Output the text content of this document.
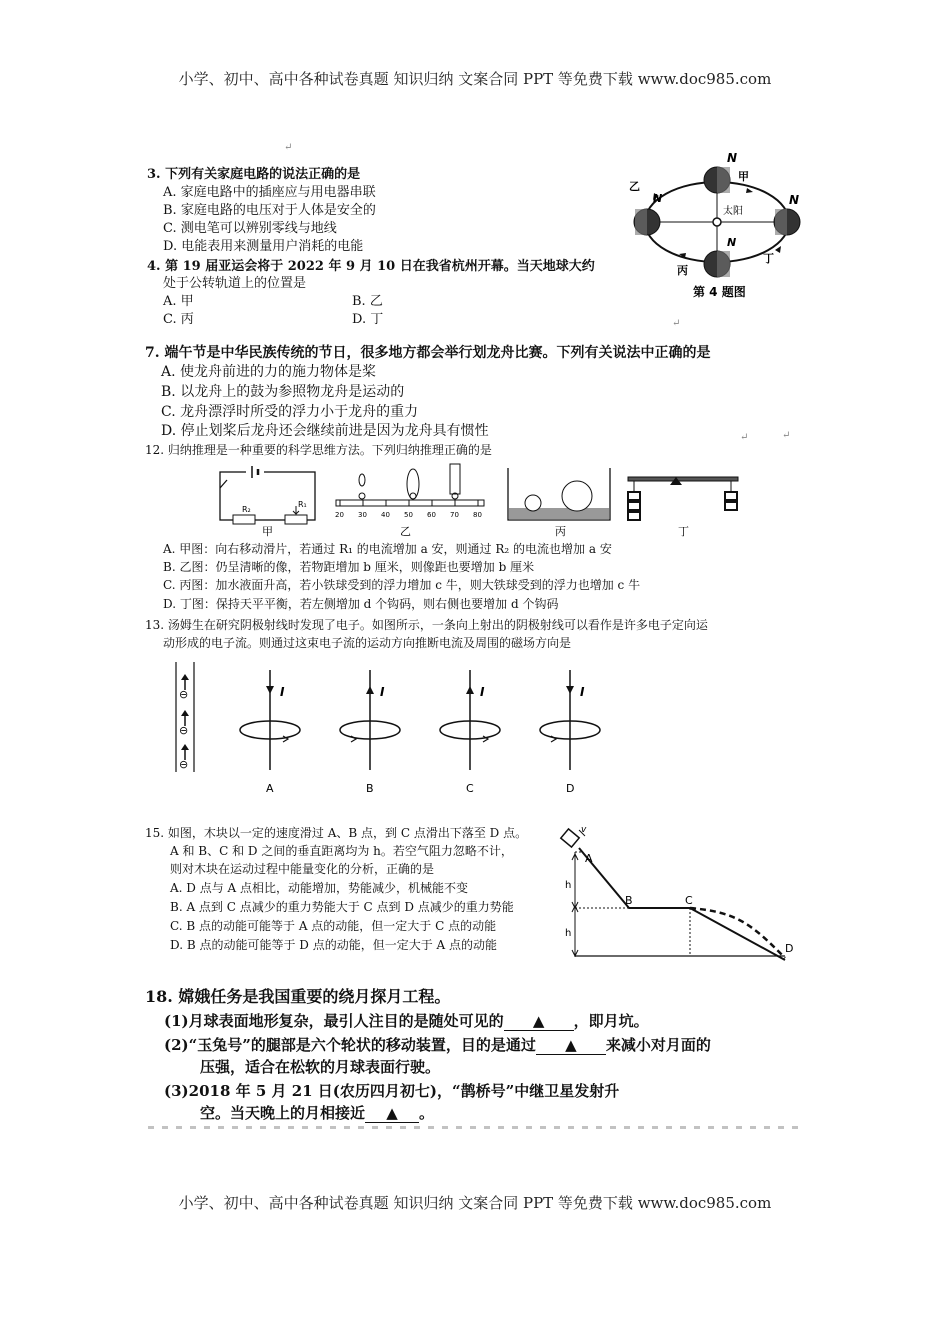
小学、初中、高中各种试卷真题 知识归纳 文案合同 PPT 等免费下载 www.doc985.com
小学、初中、高中各种试卷真题 知识归纳 文案合同 PPT 等免费下载 www.doc985.com
↵
3. 下列有关家庭电路的说法正确的是
A. 家庭电路中的插座应与用电器串联
B. 家庭电路的电压对于人体是安全的
C. 测电笔可以辨别零线与地线
D. 电能表用来测量用户消耗的电能
4. 第 19 届亚运会将于 2022 年 9 月 10 日在我省杭州开幕。当天地球大约
处于公转轨道上的位置是
A. 甲	B. 乙
C. 丙	D. 丁	↵
太阳
甲
乙
丙
丁
N
N
N
N
第 4 题图
7. 端午节是中华民族传统的节日，很多地方都会举行划龙舟比赛。下列有关说法中正确的是
A. 使龙舟前进的力的施力物体是桨
B. 以龙舟上的鼓为参照物龙舟是运动的
C. 龙舟漂浮时所受的浮力小于龙舟的重力
D. 停止划桨后龙舟还会继续前进是因为龙舟具有惯性	↵	↵
12. 归纳推理是一种重要的科学思维方法。下列归纳推理正确的是
R₂
R₁
甲
20 30 40 50 60 70 80
乙	丙	丁
A. 甲图：向右移动滑片，若通过 R₁ 的电流增加 a 安，则通过 R₂ 的电流也增加 a 安
B. 乙图：仍呈清晰的像，若物距增加 b 厘米，则像距也要增加 b 厘米
C. 丙图：加水液面升高，若小铁球受到的浮力增加 c 牛，则大铁球受到的浮力也增加 c 牛
D. 丁图：保持天平平衡，若左侧增加 d 个钩码，则右侧也要增加 d 个钩码
13. 汤姆生在研究阴极射线时发现了电子。如图所示，一条向上射出的阴极射线可以看作是许多电子定向运
动形成的电子流。则通过这束电子流的运动方向推断电流及周围的磁场方向是
⊖
⊖
⊖
I
A
I
B
I
C
I
D
15. 如图，木块以一定的速度滑过 A、B 点，到 C 点滑出下落至 D 点。
A 和 B、C 和 D 之间的垂直距离均为 h。若空气阻力忽略不计，
则对木块在运动过程中能量变化的分析，正确的是
A. D 点与 A 点相比，动能增加，势能减少，机械能不变
B. A 点到 C 点减少的重力势能大于 C 点到 D 点减少的重力势能
C. B 点的动能可能等于 A 点的动能，但一定大于 C 点的动能
D. B 点的动能可能等于 D 点的动能，但一定大于 A 点的动能
v
A
B	C
D
h
h
18. 嫦娥任务是我国重要的绕月探月工程。
(1)月球表面地形复杂，最引人注目的是随处可见的 ▲ ，即月坑。
(2)“玉兔号”的腿部是六个轮状的移动装置，目的是通过 ▲ 来减小对月面的
压强，适合在松软的月球表面行驶。
(3)2018 年 5 月 21 日(农历四月初七)，“鹊桥号”中继卫星发射升
空。当天晚上的月相接近 ▲ 。
